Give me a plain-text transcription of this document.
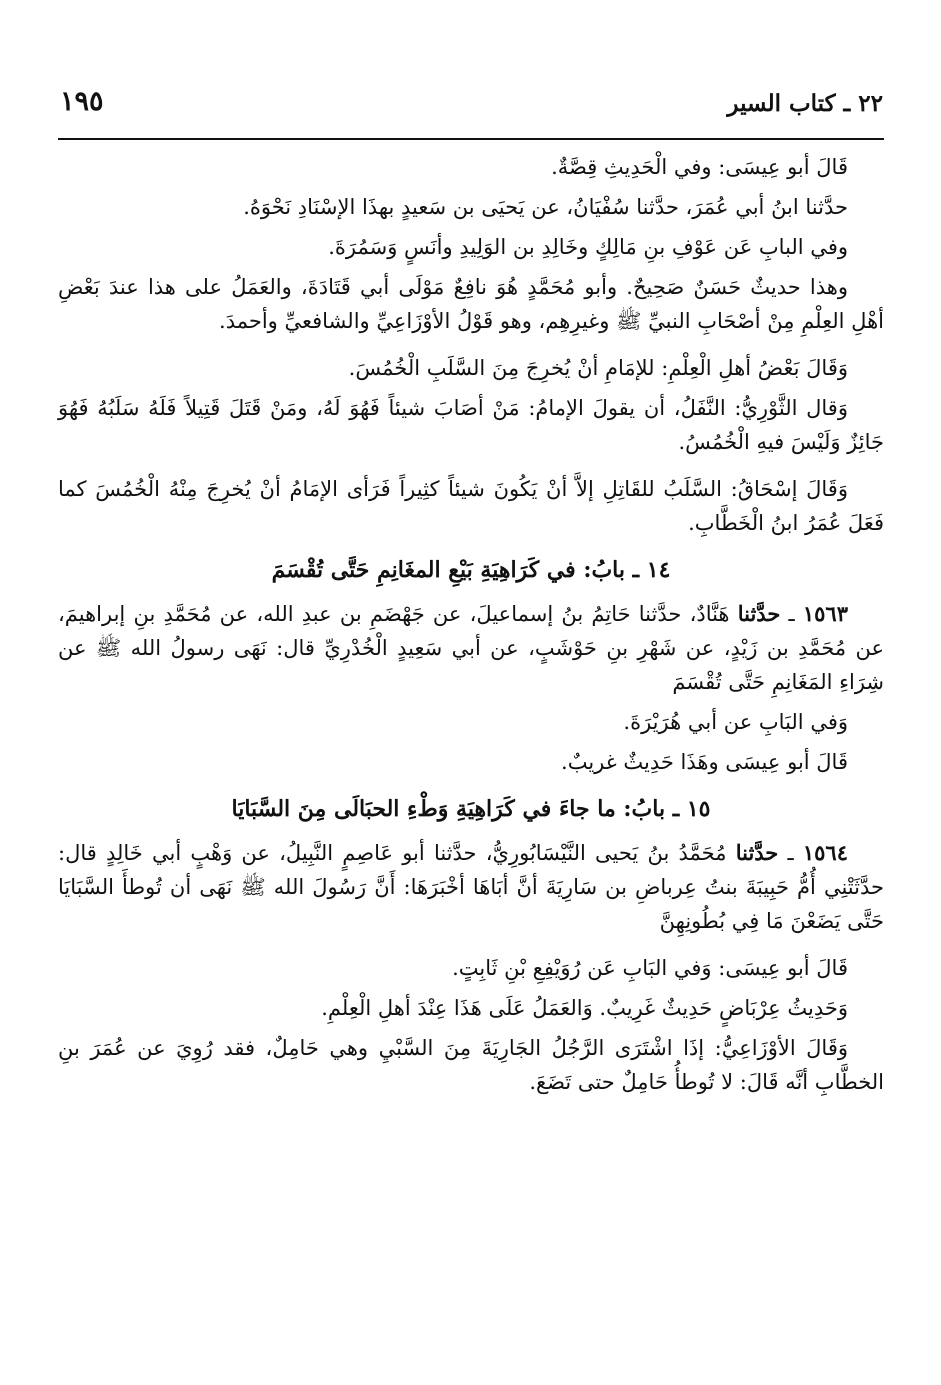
٢٢ ـ كتاب السير
١٩٥

قَالَ أبو عِيسَى: وفي الْحَدِيثِ قِصَّةٌ.

حدَّثنا ابنُ أبي عُمَرَ، حدَّثنا سُفْيَانُ، عن يَحيَى بن سَعيدٍ بهذَا الإسْنَادِ نَحْوَهُ.

وفي البابِ عَن عَوْفِ بنِ مَالِكٍ وخَالِدِ بن الوَلِيدِ وأنَسٍ وَسَمُرَةَ.

وهذا حديثٌ حَسَنٌ صَحِيحٌ. وأبو مُحَمَّدٍ هُوَ نافِعٌ مَوْلَى أبي قَتَادَةَ، والعَمَلُ على هذا عندَ بَعْضِ أهْلِ العِلْمِ مِنْ أصْحَابِ النبيِّ ﷺ وغيرِهِم، وهو قَوْلُ الأوْزَاعِيِّ والشافعيِّ وأحمدَ.

وَقَالَ بَعْضُ أهلِ الْعِلْمِ: للإمَامِ أنْ يُخرِجَ مِنَ السَّلَبِ الْخُمُسَ.

وَقال الثَّوْرِيُّ: النَّفَلُ، أن يقولَ الإمامُ: مَنْ أصَابَ شيئاً فَهُوَ لَهُ، ومَنْ قَتَلَ قَتِيلاً فَلَهُ سَلَبُهُ فَهُوَ جَائِزٌ وَلَيْسَ فيهِ الْخُمُسُ.

وَقَالَ إسْحَاقُ: السَّلَبُ للقَاتِلِ إلاَّ أنْ يَكُونَ شيئاً كثِيراً فَرَأى الإمَامُ أنْ يُخرِجَ مِنْهُ الْخُمُسَ كما فَعَلَ عُمَرُ ابنُ الْخَطَّابِ.

١٤ ـ بابُ: في كَرَاهِيَةِ بَيْعِ المغَانِمِ حَتَّى تُقْسَمَ

١٥٦٣ ـ حدَّثنا هَنَّادٌ، حدَّثنا حَاتِمُ بنُ إسماعيلَ، عن جَهْضَمِ بن عبدِ الله، عن مُحَمَّدِ بنِ إبراهيمَ، عن مُحَمَّدِ بن زَيْدٍ، عن شَهْرِ بنِ حَوْشَبٍ، عن أبي سَعِيدٍ الْخُدْرِيِّ قال: نَهَى رسولُ الله ﷺ عن شِرَاءِ المَغَانِمِ حَتَّى تُقْسَمَ

وَفي البَابِ عن أبي هُرَيْرَةَ.

قَالَ أبو عِيسَى وهَذَا حَدِيثٌ غريبٌ.

١٥ ـ بابُ: ما جاءَ في كَرَاهِيَةِ وَطْءِ الحبَالَى مِنَ السَّبَايَا

١٥٦٤ ـ حدَّثنا مُحَمَّدُ بنُ يَحيى النَّيْسَابُورِيُّ، حدَّثنا أبو عَاصِمٍ النَّبِيلُ، عن وَهْبٍ أبي خَالِدٍ قال: حدَّثَتْنِي أُمُّ حَبِيبَةَ بنتُ عِرباضِ بن سَارِيَةَ أنَّ أبَاهَا أخْبَرَهَا: أَنَّ رَسُولَ الله ﷺ نَهَى أن تُوطأَ السَّبَايَا حَتَّى يَضَعْنَ مَا فِي بُطُونِهِنَّ

قَالَ أبو عِيسَى: وَفي البَابِ عَن رُوَيْفِعِ بْنِ ثَابِتٍ.

وَحَدِيثُ عِرْبَاضٍ حَدِيثٌ غَرِيبٌ. وَالعَمَلُ عَلَى هَذَا عِنْدَ أهلِ الْعِلْمِ.

وَقَالَ الأوْزَاعِيُّ: إذَا اشْتَرَى الرَّجُلُ الجَارِيَةَ مِنَ السَّبْيِ وهي حَامِلٌ، فقد رُوِيَ عن عُمَرَ بنِ الخطَّابِ أنَّه قَالَ: لا تُوطأُ حَامِلٌ حتى تَضَعَ.
